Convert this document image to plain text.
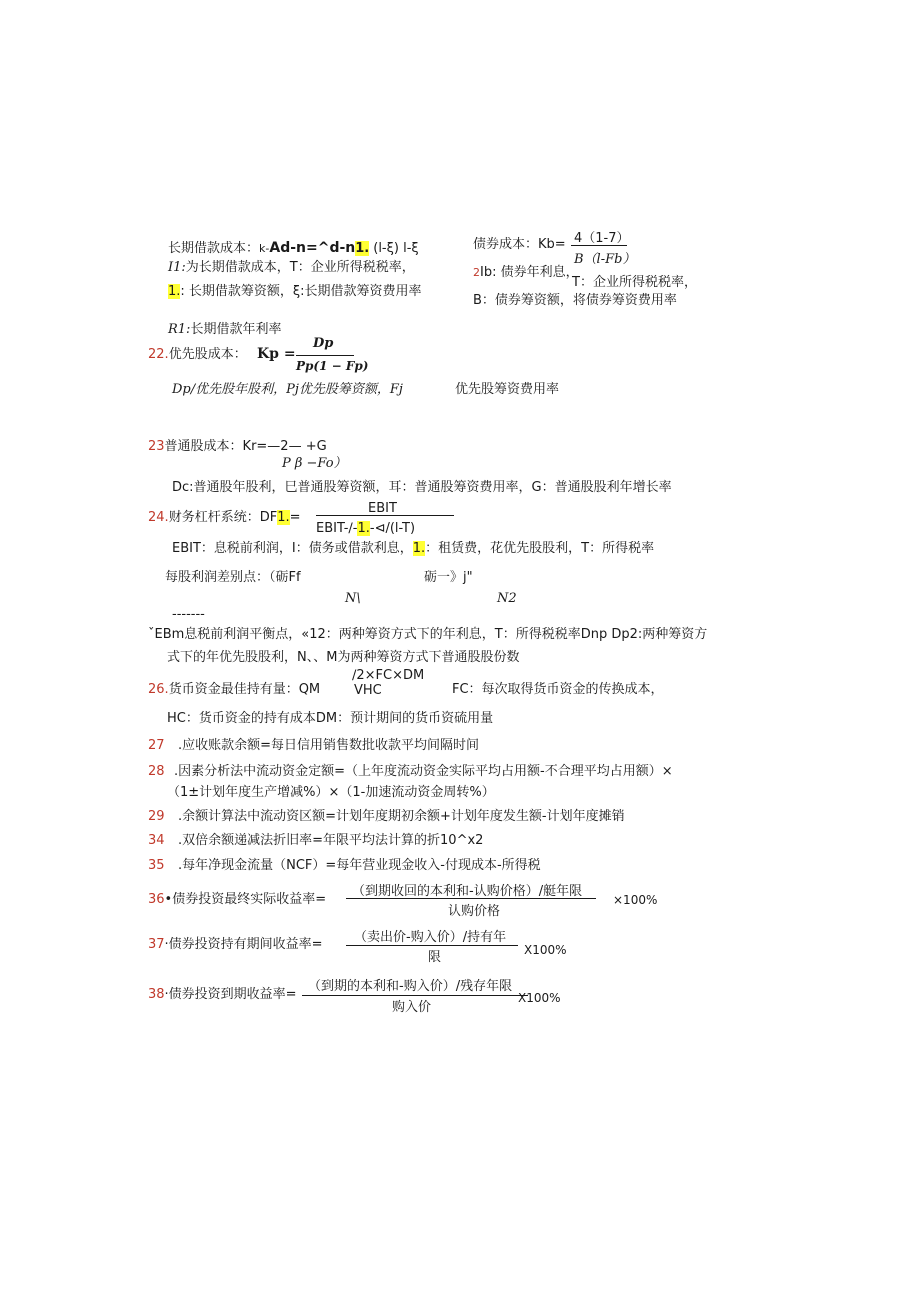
长期借款成本：k-Ad-n=^d-n1. (l-ξ) l-ξ
I1:为长期借款成本，T：企业所得税税率，
1.: 长期借款筹资额，ξ:长期借款筹资费用率
R1:长期借款年利率
债券成本：Kb= 4（1-7）
B（l-Fb）
2Ib: 债券年利息，
T：企业所得税税率，
B：债券筹资额，将债券筹资费用率
22.优先股成本： Kp =
Dp
Pp(1 − Fp)
Dp/优先股年股利，Pj优先股筹资额，Fj	优先股筹资费用率
23普通股成本：Kr=—2— +G
P β −Fo）
Dc:普通股年股利，巳普通股筹资额，耳：普通股筹资费用率，G：普通股股利年增长率
24.财务杠杆系统：DF1.=
EBIT
EBIT-∕-1.-⊲/(l-T)
EBIT：息税前利润，I：债务或借款利息，1.：租赁费，花优先股股利，T：所得税率
每股利润差别点：（砺Ff	砺一》j"
N\	N2
-------
ˇEBm息税前利润平衡点，«12：两种筹资方式下的年利息，T：所得税税率Dnp Dp2:两种筹资方
式下的年优先股股利，N、、M为两种筹资方式下普通股股份数
26.货币资金最佳持有量：QM
∕2×FC×DM
VHC	FC：每次取得货币资金的传换成本，
HC：货币资金的持有成本DM：预计期间的货币资硫用量
27 .应收账款余额=每日信用销售数批收款平均间隔时间
28 .因素分析法中流动资金定额=（上年度流动资金实际平均占用额-不合理平均占用额）×
（1±计划年度生产增减%）×（1-加速流动资金周转%）
29 .余额计算法中流动资区额=计划年度期初余额+计划年度发生额-计划年度摊销
34 .双倍余额递减法折旧率=年限平均法计算的折10^x2
35 .每年净现金流量（NCF）=每年营业现金收入-付现成本-所得税
36•债券投资最终实际收益率=
（到期收回的本利和-认购价格）/艇年限
认购价格
×100%
37·债券投资持有期间收益率= （卖出价-购入价）/持有年
限	X100%
38·债券投资到期收益率=
（到期的本利和-购入价）/残存年限
购入价
X100%
